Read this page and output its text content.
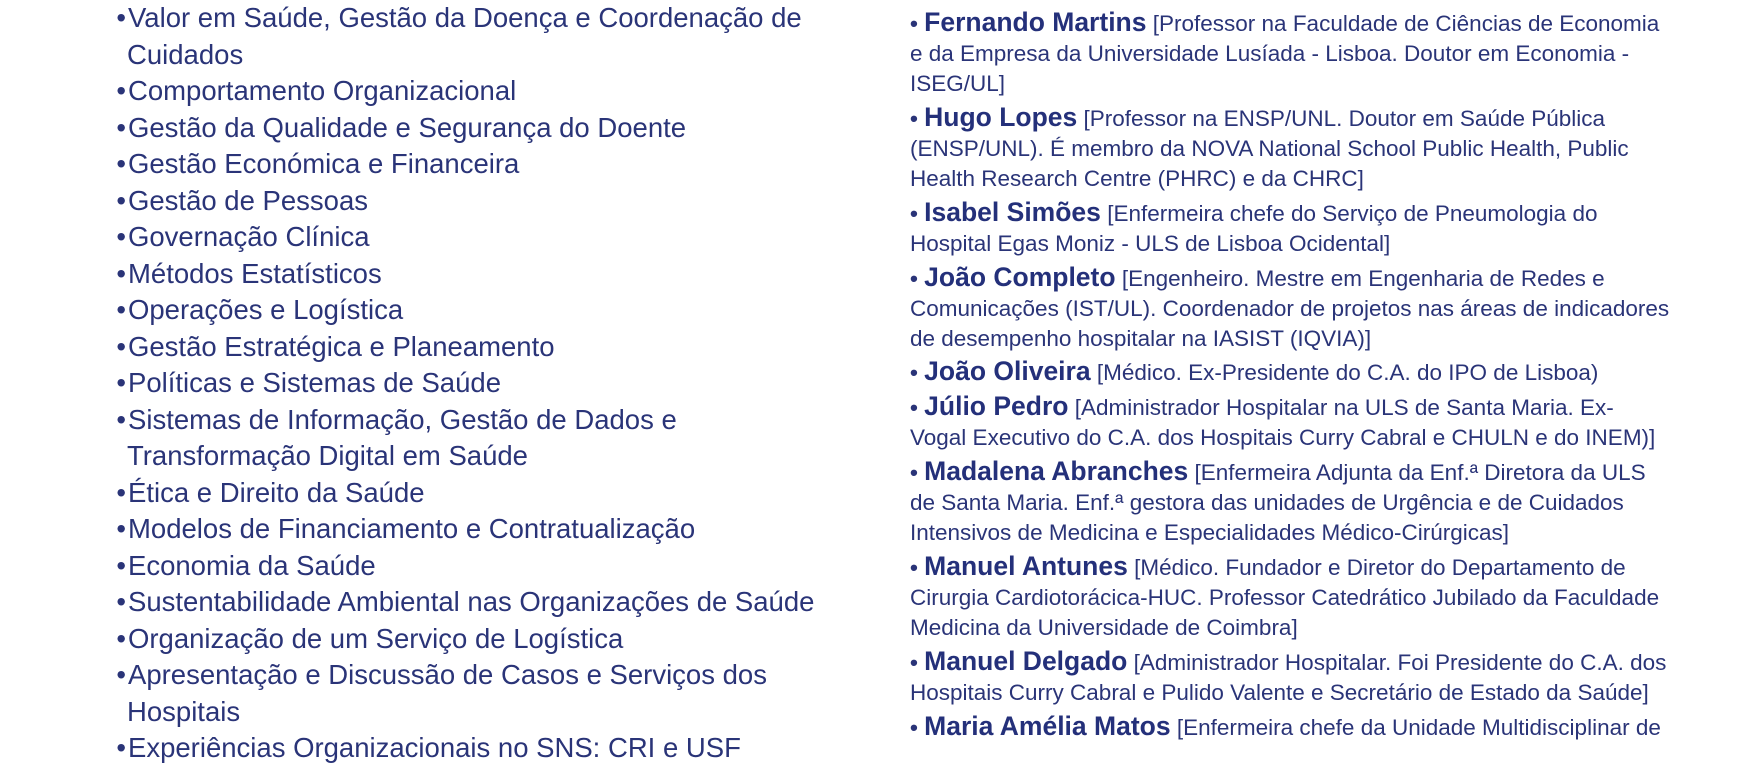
•Valor em Saúde, Gestão da Doença e Coordenação de
Cuidados
•Comportamento Organizacional
•Gestão da Qualidade e Segurança do Doente
•Gestão Económica e Financeira
•Gestão de Pessoas
•Governação Clínica
•Métodos Estatísticos
•Operações e Logística
•Gestão Estratégica e Planeamento
•Políticas e Sistemas de Saúde
•Sistemas de Informação, Gestão de Dados e
Transformação Digital em Saúde
•Ética e Direito da Saúde
•Modelos de Financiamento e Contratualização
•Economia da Saúde
•Sustentabilidade Ambiental nas Organizações de Saúde
•Organização de um Serviço de Logística
•Apresentação e Discussão de Casos e Serviços dos
Hospitais
•Experiências Organizacionais no SNS: CRI e USF
• Fernando Martins [Professor na Faculdade de Ciências de Economia e da Empresa da Universidade Lusíada - Lisboa. Doutor em Economia - ISEG/UL]
• Hugo Lopes [Professor na ENSP/UNL. Doutor em Saúde Pública (ENSP/UNL). É membro da NOVA National School Public Health, Public Health Research Centre (PHRC) e da CHRC]
• Isabel Simões [Enfermeira chefe do Serviço de Pneumologia do Hospital Egas Moniz - ULS de Lisboa Ocidental]
• João Completo [Engenheiro. Mestre em Engenharia de Redes e Comunicações (IST/UL). Coordenador de projetos nas áreas de indicadores de desempenho hospitalar na IASIST (IQVIA)]
• João Oliveira [Médico. Ex-Presidente do C.A. do IPO de Lisboa)
• Júlio Pedro [Administrador Hospitalar na ULS de Santa Maria. Ex-Vogal Executivo do C.A. dos Hospitais Curry Cabral e CHULN e do INEM)]
• Madalena Abranches [Enfermeira Adjunta da Enf.ª Diretora da ULS de Santa Maria. Enf.ª gestora das unidades de Urgência e de Cuidados Intensivos de Medicina e Especialidades Médico-Cirúrgicas]
• Manuel Antunes [Médico. Fundador e Diretor do Departamento de Cirurgia Cardiotorácica-HUC. Professor Catedrático Jubilado da Faculdade Medicina da Universidade de Coimbra]
• Manuel Delgado [Administrador Hospitalar. Foi Presidente do C.A. dos Hospitais Curry Cabral e Pulido Valente e Secretário de Estado da Saúde]
• Maria Amélia Matos [Enfermeira chefe da Unidade Multidisciplinar de
